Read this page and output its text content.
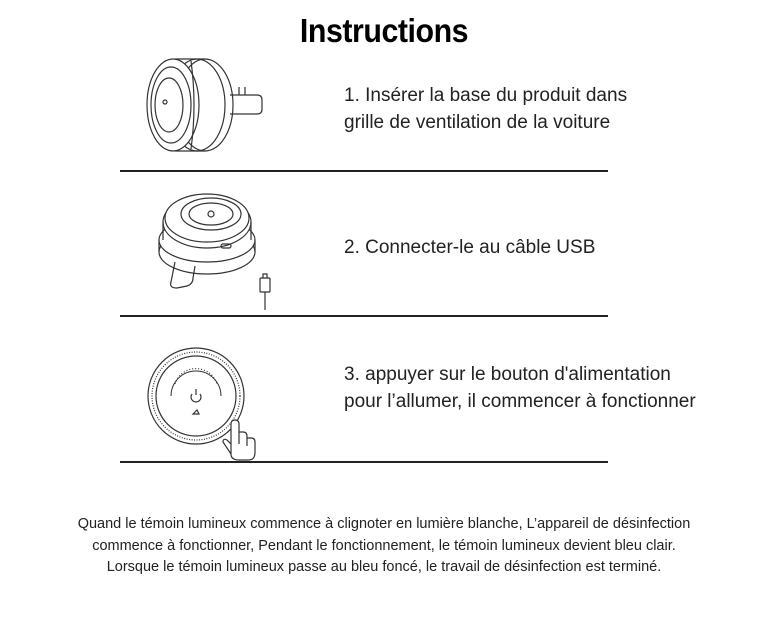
Instructions
1. Insérer la base du produit dans
grille de ventilation de la voiture
2. Connecter-le au câble USB
3. appuyer sur le bouton d'alimentation
pour l’allumer, il commencer à fonctionner
Quand le témoin lumineux commence à clignoter en lumière blanche, L’appareil de désinfection
commence à fonctionner, Pendant le fonctionnement, le témoin lumineux devient bleu clair.
Lorsque le témoin lumineux passe au bleu foncé, le travail de désinfection est terminé.
